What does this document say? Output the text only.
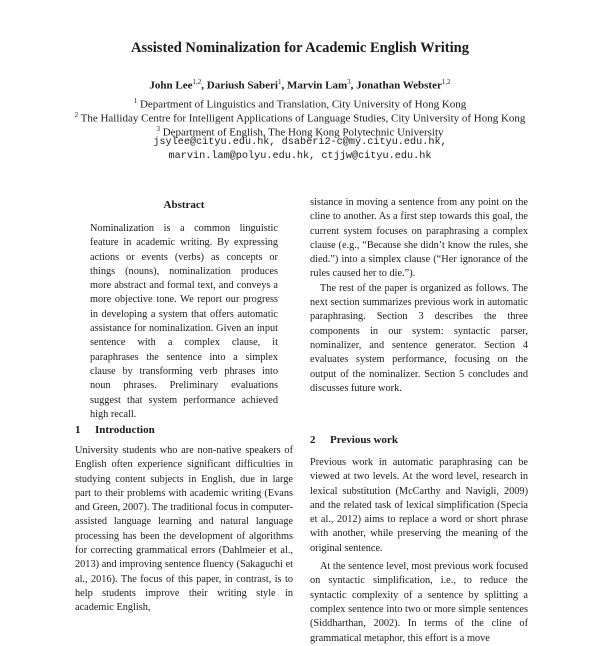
Assisted Nominalization for Academic English Writing
John Lee$^{1,2}$, Dariush Saberi$^1$, Marvin Lam$^3$, Jonathan Webster$^{1,2}$
$^1$ Department of Linguistics and Translation, City University of Hong Kong
$^2$ The Halliday Centre for Intelligent Applications of Language Studies, City University of Hong Kong
$^3$ Department of English, The Hong Kong Polytechnic University
jsylee@cityu.edu.hk, dsaberi2-c@my.cityu.edu.hk,
marvin.lam@polyu.edu.hk, ctjjw@cityu.edu.hk
Abstract

Nominalization is a common linguistic feature in academic writing. By expressing actions or events (verbs) as concepts or things (nouns), nominalization produces more abstract and formal text, and conveys a more objective tone. We report our progress in developing a system that offers automatic assistance for nominalization. Given an input sentence with a complex clause, it paraphrases the sentence into a simplex clause by transforming verb phrases into noun phrases. Preliminary evaluations suggest that system performance achieved high recall.

1 Introduction

University students who are non-native speakers of English often experience significant difficulties in studying content subjects in English, due in large part to their problems with academic writing (Evans and Green, 2007). The traditional focus in computer-assisted language learning and natural language processing has been the development of algorithms for correcting grammatical errors (Dahlmeier et al., 2013) and improving sentence fluency (Sakaguchi et al., 2016). The focus of this paper, in contrast, is to help students improve their writing style in academic English,

sistance in moving a sentence from any point on the cline to another. As a first step towards this goal, the current system focuses on paraphrasing a complex clause (e.g., “Because she didn’t know the rules, she died.”) into a simplex clause (“Her ignorance of the rules caused her to die.”).

The rest of the paper is organized as follows. The next section summarizes previous work in automatic paraphrasing. Section 3 describes the three components in our system: syntactic parser, nominalizer, and sentence generator. Section 4 evaluates system performance, focusing on the output of the nominalizer. Section 5 concludes and discusses future work.

2 Previous work

Previous work in automatic paraphrasing can be viewed at two levels. At the word level, research in lexical substitution (McCarthy and Navigli, 2009) and the related task of lexical simplification (Specia et al., 2012) aims to replace a word or short phrase with another, while preserving the meaning of the original sentence.

At the sentence level, most previous work focused on syntactic simplification, i.e., to reduce the syntactic complexity of a sentence by splitting a complex sentence into two or more simple sentences (Siddharthan, 2002). In terms of the cline of grammatical metaphor, this effort is a move
